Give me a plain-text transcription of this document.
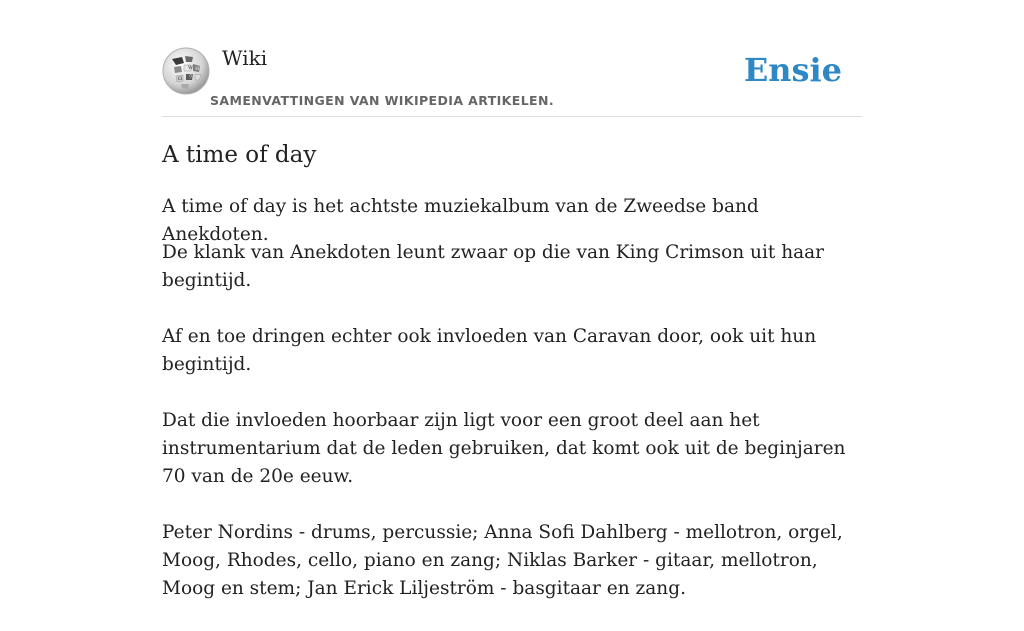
W И
Ω ウ
Wiki
SAMENVATTINGEN VAN WIKIPEDIA ARTIKELEN.
Ensie
A time of day

A time of day is het achtste muziekalbum van de Zweedse band Anekdoten.

De klank van Anekdoten leunt zwaar op die van King Crimson uit haar begintijd.

Af en toe dringen echter ook invloeden van Caravan door, ook uit hun begintijd.

Dat die invloeden hoorbaar zijn ligt voor een groot deel aan het instrumentarium dat de leden gebruiken, dat komt ook uit de beginjaren 70 van de 20e eeuw.

Peter Nordins - drums, percussie; Anna Sofi Dahlberg - mellotron, orgel, Moog, Rhodes, cello, piano en zang; Niklas Barker - gitaar, mellotron, Moog en stem; Jan Erick Liljeström - basgitaar en zang.
